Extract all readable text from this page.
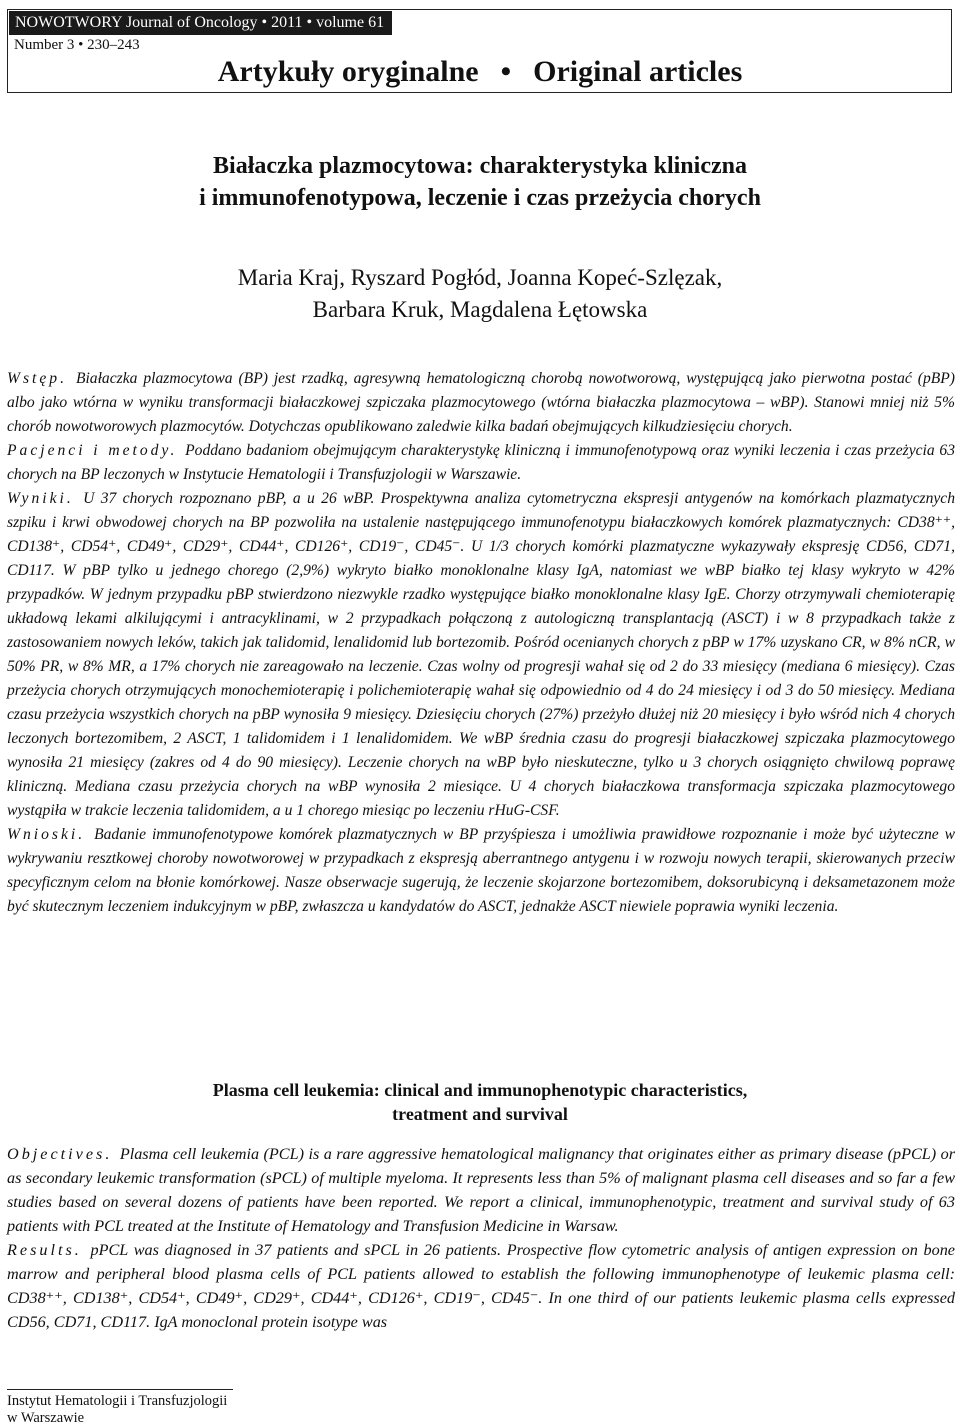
NOWOTWORY Journal of Oncology • 2011 • volume 61
Number 3 • 230–243
Artykuły oryginalne • Original articles
Białaczka plazmocytowa: charakterystyka kliniczna
i immunofenotypowa, leczenie i czas przeżycia chorych
Maria Kraj, Ryszard Pogłód, Joanna Kopeć-Szlęzak,
Barbara Kruk, Magdalena Łętowska

Wstęp. Białaczka plazmocytowa (BP) jest rzadką, agresywną hematologiczną chorobą nowotworową, występującą jako pierwotna postać (pBP) albo jako wtórna w wyniku transformacji białaczkowej szpiczaka plazmocytowego (wtórna białaczka plazmocytowa – wBP). Stanowi mniej niż 5% chorób nowotworowych plazmocytów. Dotychczas opublikowano zaledwie kilka badań obejmujących kilkudziesięciu chorych.

Pacjenci i metody. Poddano badaniom obejmującym charakterystykę kliniczną i immunofenotypową oraz wyniki leczenia i czas przeżycia 63 chorych na BP leczonych w Instytucie Hematologii i Transfuzjologii w Warszawie.

Wyniki. U 37 chorych rozpoznano pBP, a u 26 wBP. Prospektywna analiza cytometryczna ekspresji antygenów na komórkach plazmatycznych szpiku i krwi obwodowej chorych na BP pozwoliła na ustalenie następującego immunofenotypu białaczkowych komórek plazmatycznych: CD38⁺⁺, CD138⁺, CD54⁺, CD49⁺, CD29⁺, CD44⁺, CD126⁺, CD19⁻, CD45⁻. U 1/3 chorych komórki plazmatyczne wykazywały ekspresję CD56, CD71, CD117. W pBP tylko u jednego chorego (2,9%) wykryto białko monoklonalne klasy IgA, natomiast we wBP białko tej klasy wykryto w 42% przypadków. W jednym przypadku pBP stwierdzono niezwykle rzadko występujące białko monoklonalne klasy IgE. Chorzy otrzymywali chemioterapię układową lekami alkilującymi i antracyklinami, w 2 przypadkach połączoną z autologiczną transplantacją (ASCT) i w 8 przypadkach także z zastosowaniem nowych leków, takich jak talidomid, lenalidomid lub bortezomib. Pośród ocenianych chorych z pBP w 17% uzyskano CR, w 8% nCR, w 50% PR, w 8% MR, a 17% chorych nie zareagowało na leczenie. Czas wolny od progresji wahał się od 2 do 33 miesięcy (mediana 6 miesięcy). Czas przeżycia chorych otrzymujących monochemioterapię i polichemioterapię wahał się odpowiednio od 4 do 24 miesięcy i od 3 do 50 miesięcy. Mediana czasu przeżycia wszystkich chorych na pBP wynosiła 9 miesięcy. Dziesięciu chorych (27%) przeżyło dłużej niż 20 miesięcy i było wśród nich 4 chorych leczonych bortezomibem, 2 ASCT, 1 talidomidem i 1 lenalidomidem. We wBP średnia czasu do progresji białaczkowej szpiczaka plazmocytowego wynosiła 21 miesięcy (zakres od 4 do 90 miesięcy). Leczenie chorych na wBP było nieskuteczne, tylko u 3 chorych osiągnięto chwilową poprawę kliniczną. Mediana czasu przeżycia chorych na wBP wynosiła 2 miesiące. U 4 chorych białaczkowa transformacja szpiczaka plazmocytowego wystąpiła w trakcie leczenia talidomidem, a u 1 chorego miesiąc po leczeniu rHuG-CSF.

Wnioski. Badanie immunofenotypowe komórek plazmatycznych w BP przyśpiesza i umożliwia prawidłowe rozpoznanie i może być użyteczne w wykrywaniu resztkowej choroby nowotworowej w przypadkach z ekspresją aberrantnego antygenu i w rozwoju nowych terapii, skierowanych przeciw specyficznym celom na błonie komórkowej. Nasze obserwacje sugerują, że leczenie skojarzone bortezomibem, doksorubicyną i deksametazonem może być skutecznym leczeniem indukcyjnym w pBP, zwłaszcza u kandydatów do ASCT, jednakże ASCT niewiele poprawia wyniki leczenia.

Plasma cell leukemia: clinical and immunophenotypic characteristics,
treatment and survival

Objectives. Plasma cell leukemia (PCL) is a rare aggressive hematological malignancy that originates either as primary disease (pPCL) or as secondary leukemic transformation (sPCL) of multiple myeloma. It represents less than 5% of malignant plasma cell diseases and so far a few studies based on several dozens of patients have been reported. We report a clinical, immunophenotypic, treatment and survival study of 63 patients with PCL treated at the Institute of Hematology and Transfusion Medicine in Warsaw.

Results. pPCL was diagnosed in 37 patients and sPCL in 26 patients. Prospective flow cytometric analysis of antigen expression on bone marrow and peripheral blood plasma cells of PCL patients allowed to establish the following immunophenotype of leukemic plasma cell: CD38⁺⁺, CD138⁺, CD54⁺, CD49⁺, CD29⁺, CD44⁺, CD126⁺, CD19⁻, CD45⁻. In one third of our patients leukemic plasma cells expressed CD56, CD71, CD117. IgA monoclonal protein isotype was

Instytut Hematologii i Transfuzjologii
w Warszawie
